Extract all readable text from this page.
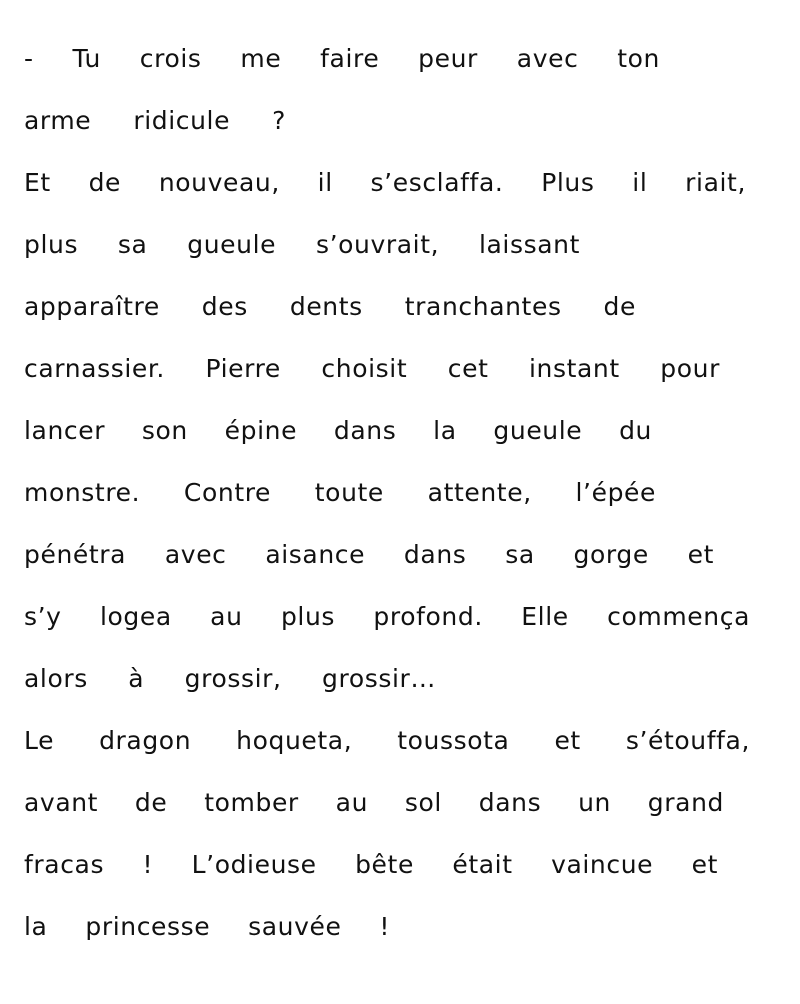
- Tu crois me faire peur avec ton
arme ridicule ?
Et de nouveau, il s’esclaffa. Plus il riait,
plus sa gueule s’ouvrait, laissant
apparaître des dents tranchantes de
carnassier. Pierre choisit cet instant pour
lancer son épine dans la gueule du
monstre. Contre toute attente, l’épée
pénétra avec aisance dans sa gorge et
s’y logea au plus profond. Elle commença
alors à grossir, grossir…
Le dragon hoqueta, toussota et s’étouffa,
avant de tomber au sol dans un grand
fracas ! L’odieuse bête était vaincue et
la princesse sauvée !
